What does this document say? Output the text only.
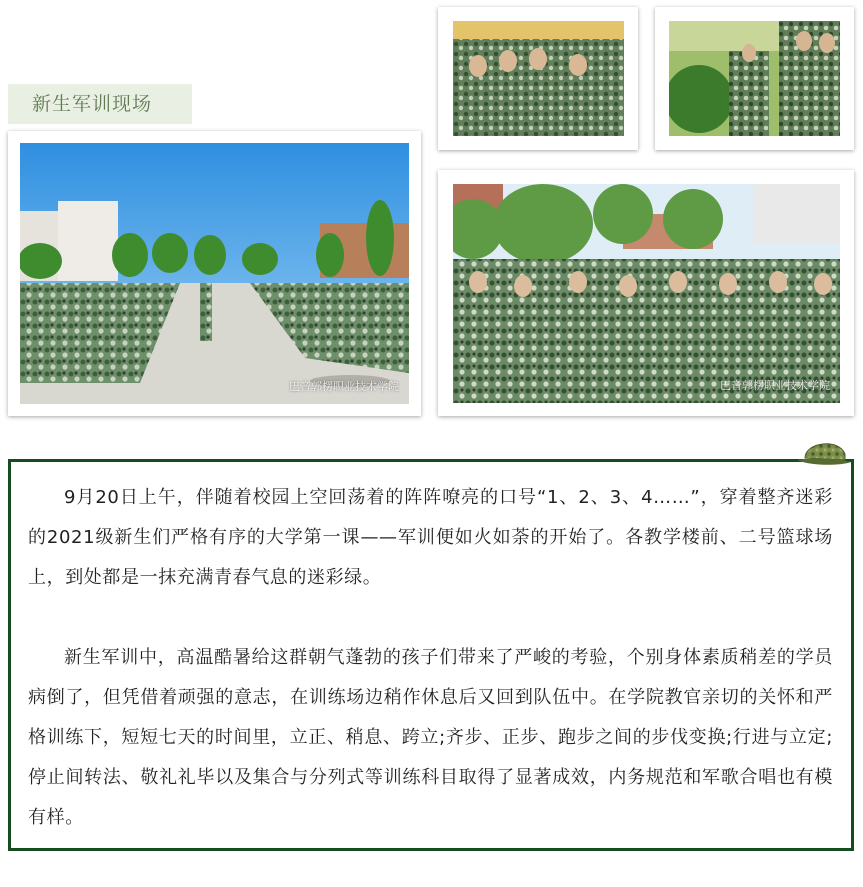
新生军训现场
巴音郭楞职业技术学院	巴音郭楞职业技术学院

9月20日上午，伴随着校园上空回荡着的阵阵嘹亮的口号“1、2、3、4……”，穿着整齐迷彩的2021级新生们严格有序的大学第一课——军训便如火如荼的开始了。各教学楼前、二号篮球场上，到处都是一抹充满青春气息的迷彩绿。

新生军训中，高温酷暑给这群朝气蓬勃的孩子们带来了严峻的考验，个别身体素质稍差的学员病倒了，但凭借着顽强的意志，在训练场边稍作休息后又回到队伍中。在学院教官亲切的关怀和严格训练下，短短七天的时间里，立正、稍息、跨立;齐步、正步、跑步之间的步伐变换;行进与立定;停止间转法、敬礼礼毕以及集合与分列式等训练科目取得了显著成效，内务规范和军歌合唱也有模有样。
